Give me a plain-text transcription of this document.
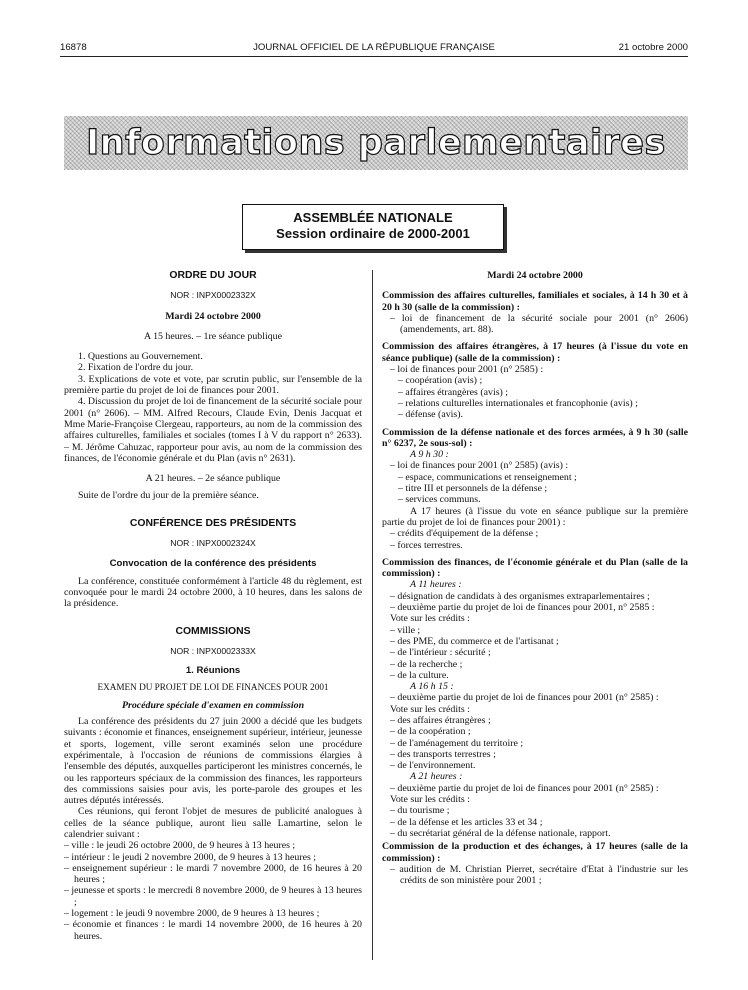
16878	JOURNAL OFFICIEL DE LA RÉPUBLIQUE FRANÇAISE	21 octobre 2000
Informations parlementaires
ASSEMBLÉE NATIONALE
Session ordinaire de 2000-2001
ORDRE DU JOUR
NOR : INPX0002332X
Mardi 24 octobre 2000
A 15 heures. – 1re séance publique

1. Questions au Gouvernement.

2. Fixation de l'ordre du jour.

3. Explications de vote et vote, par scrutin public, sur l'ensemble de la première partie du projet de loi de finances pour 2001.

4. Discussion du projet de loi de financement de la sécurité sociale pour 2001 (n° 2606). – MM. Alfred Recours, Claude Evin, Denis Jacquat et Mme Marie-Françoise Clergeau, rapporteurs, au nom de la commission des affaires culturelles, familiales et sociales (tomes I à V du rapport n° 2633). – M. Jérôme Cahuzac, rapporteur pour avis, au nom de la commission des finances, de l'économie générale et du Plan (avis n° 2631).

A 21 heures. – 2e séance publique

Suite de l'ordre du jour de la première séance.

CONFÉRENCE DES PRÉSIDENTS
NOR : INPX0002324X
Convocation de la conférence des présidents

La conférence, constituée conformément à l'article 48 du règlement, est convoquée pour le mardi 24 octobre 2000, à 10 heures, dans les salons de la présidence.

COMMISSIONS
NOR : INPX0002333X
1. Réunions
EXAMEN DU PROJET DE LOI DE FINANCES POUR 2001
Procédure spéciale d'examen en commission

La conférence des présidents du 27 juin 2000 a décidé que les budgets suivants : économie et finances, enseignement supérieur, intérieur, jeunesse et sports, logement, ville seront examinés selon une procédure expérimentale, à l'occasion de réunions de commissions élargies à l'ensemble des députés, auxquelles participeront les ministres concernés, le ou les rapporteurs spéciaux de la commission des finances, les rapporteurs des commissions saisies pour avis, les porte-parole des groupes et les autres députés intéressés.

Ces réunions, qui feront l'objet de mesures de publicité analogues à celles de la séance publique, auront lieu salle Lamartine, selon le calendrier suivant :

– ville : le jeudi 26 octobre 2000, de 9 heures à 13 heures ;

– intérieur : le jeudi 2 novembre 2000, de 9 heures à 13 heures ;

– enseignement supérieur : le mardi 7 novembre 2000, de 16 heures à 20 heures ;

– jeunesse et sports : le mercredi 8 novembre 2000, de 9 heures à 13 heures ;

– logement : le jeudi 9 novembre 2000, de 9 heures à 13 heures ;

– économie et finances : le mardi 14 novembre 2000, de 16 heures à 20 heures.

Mardi 24 octobre 2000

Commission des affaires culturelles, familiales et sociales, à 14 h 30 et à 20 h 30 (salle de la commission) :

– loi de financement de la sécurité sociale pour 2001 (n° 2606) (amendements, art. 88).

Commission des affaires étrangères, à 17 heures (à l'issue du vote en séance publique) (salle de la commission) :

– loi de finances pour 2001 (n° 2585) :

– coopération (avis) ;

– affaires étrangères (avis) ;

– relations culturelles internationales et francophonie (avis) ;

– défense (avis).

Commission de la défense nationale et des forces armées, à 9 h 30 (salle n° 6237, 2e sous-sol) :

A 9 h 30 :

– loi de finances pour 2001 (n° 2585) (avis) :

– espace, communications et renseignement ;

– titre III et personnels de la défense ;

– services communs.

A 17 heures (à l'issue du vote en séance publique sur la première partie du projet de loi de finances pour 2001) :

– crédits d'équipement de la défense ;

– forces terrestres.

Commission des finances, de l'économie générale et du Plan (salle de la commission) :

A 11 heures :

– désignation de candidats à des organismes extraparlementaires ;

– deuxième partie du projet de loi de finances pour 2001, n° 2585 :

Vote sur les crédits :

– ville ;

– des PME, du commerce et de l'artisanat ;

– de l'intérieur : sécurité ;

– de la recherche ;

– de la culture.

A 16 h 15 :

– deuxième partie du projet de loi de finances pour 2001 (n° 2585) :

Vote sur les crédits :

– des affaires étrangères ;

– de la coopération ;

– de l'aménagement du territoire ;

– des transports terrestres ;

– de l'environnement.

A 21 heures :

– deuxième partie du projet de loi de finances pour 2001 (n° 2585) :

Vote sur les crédits :

– du tourisme ;

– de la défense et les articles 33 et 34 ;

– du secrétariat général de la défense nationale, rapport.

Commission de la production et des échanges, à 17 heures (salle de la commission) :

– audition de M. Christian Pierret, secrétaire d'Etat à l'industrie sur les crédits de son ministère pour 2001 ;
